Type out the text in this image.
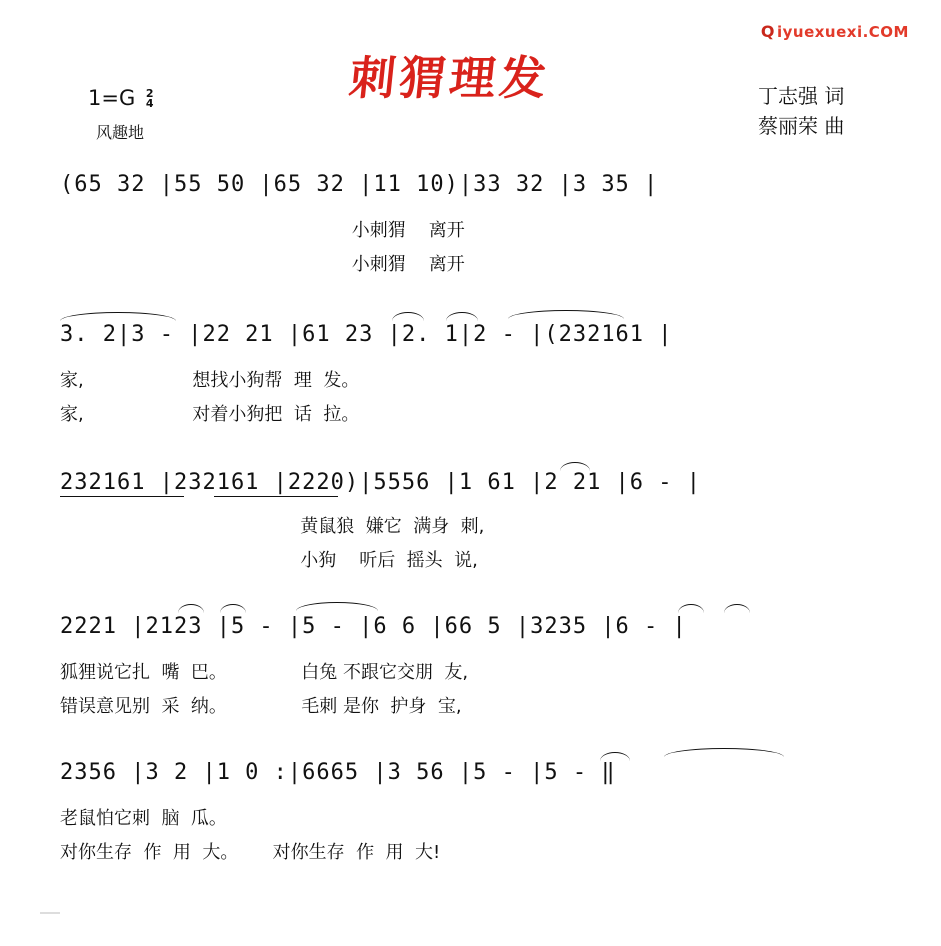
Q iyuexuexi.COM
刺猬理发
1=G 2
4
风趣地
丁志强 词
蔡丽荣 曲
(65 32 |55 50 |65 32 |11 10)|33 32 |3 35 |
小刺猬    离开
小刺猬    离开
3. 2|3 - |22 21 |61 23 |2. 1|2 - |(232161 |
家,                   想找小狗帮  理  发。
家,                   对着小狗把  话  拉。
232161 |232161 |2220)|5556 |1 61 |2 21 |6 - |
黄鼠狼  嫌它  满身  刺,
小狗    听后  摇头  说,
2221 |2123 |5 - |5 - |6 6 |66 5 |3235 |6 - |
狐狸说它扎  嘴  巴。             白兔 不跟它交朋  友,
错误意见别  采  纳。             毛刺 是你  护身  宝,
2356 |3 2 |1 0 :|6665 |3 56 |5 - |5 - ‖
老鼠怕它刺  脑  瓜。
对你生存  作  用  大。      对你生存  作  用  大!
